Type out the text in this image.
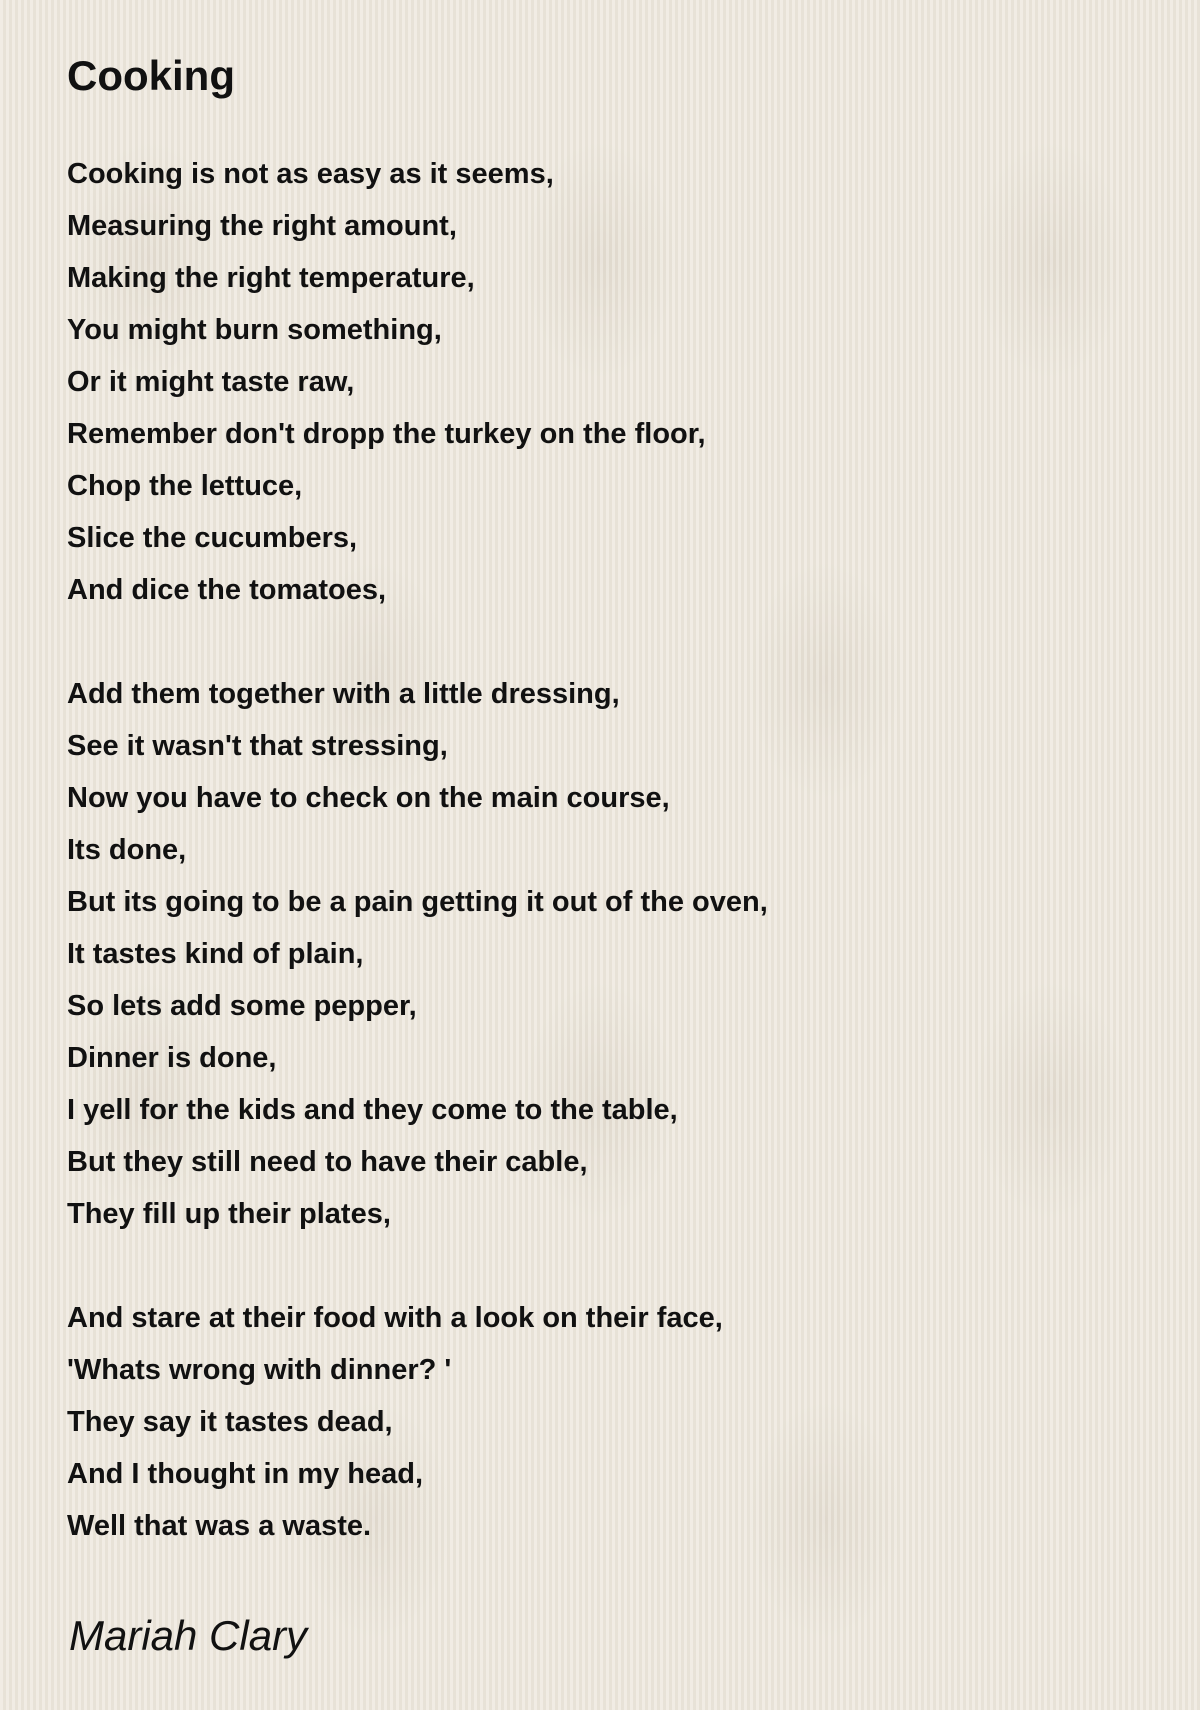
Cooking
Cooking is not as easy as it seems,
Measuring the right amount,
Making the right temperature,
You might burn something,
Or it might taste raw,
Remember don't dropp the turkey on the floor,
Chop the lettuce,
Slice the cucumbers,
And dice the tomatoes,
Add them together with a little dressing,
See it wasn't that stressing,
Now you have to check on the main course,
Its done,
But its going to be a pain getting it out of the oven,
It tastes kind of plain,
So lets add some pepper,
Dinner is done,
I yell for the kids and they come to the table,
But they still need to have their cable,
They fill up their plates,
And stare at their food with a look on their face,
'Whats wrong with dinner? '
They say it tastes dead,
And I thought in my head,
Well that was a waste.
Mariah Clary
